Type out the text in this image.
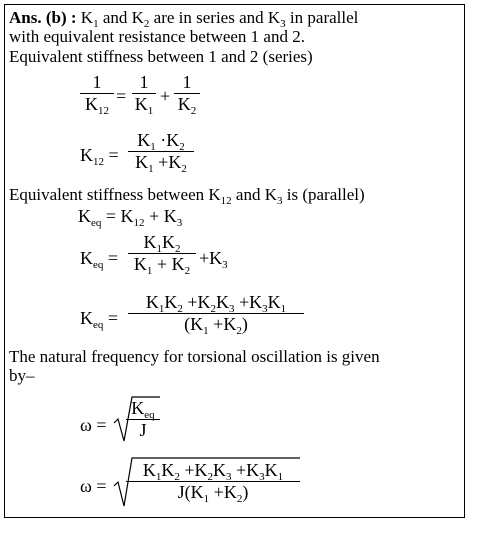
Ans. (b) : $K_1$ and $K_2$ are in series and $K_3$ in parallel
with equivalent resistance between 1 and 2.
Equivalent stiffness between 1 and 2 (series)
1
$K_{12}$
=
1
$K_1$
+
1
$K_2$
$K_{12}$ =
$K_1 \cdot K_2$
$K_1 +K_2$
Equivalent stiffness between $K_{12}$ and $K_3$ is (parallel)
$K_{eq} = K_{12} + K_3$
$K_{eq}$ =
$K_1K_2$
$K_1 + K_2$
$+K_3$
$K_{eq}$ =
$K_1K_2 +K_2K_3 +K_3K_1$
$(K_1 +K_2)$
The natural frequency for torsional oscillation is given
by–
ω =
$K_{eq}$
J
ω =
$K_1K_2 +K_2K_3 +K_3K_1$
$J(K_1 +K_2)$
